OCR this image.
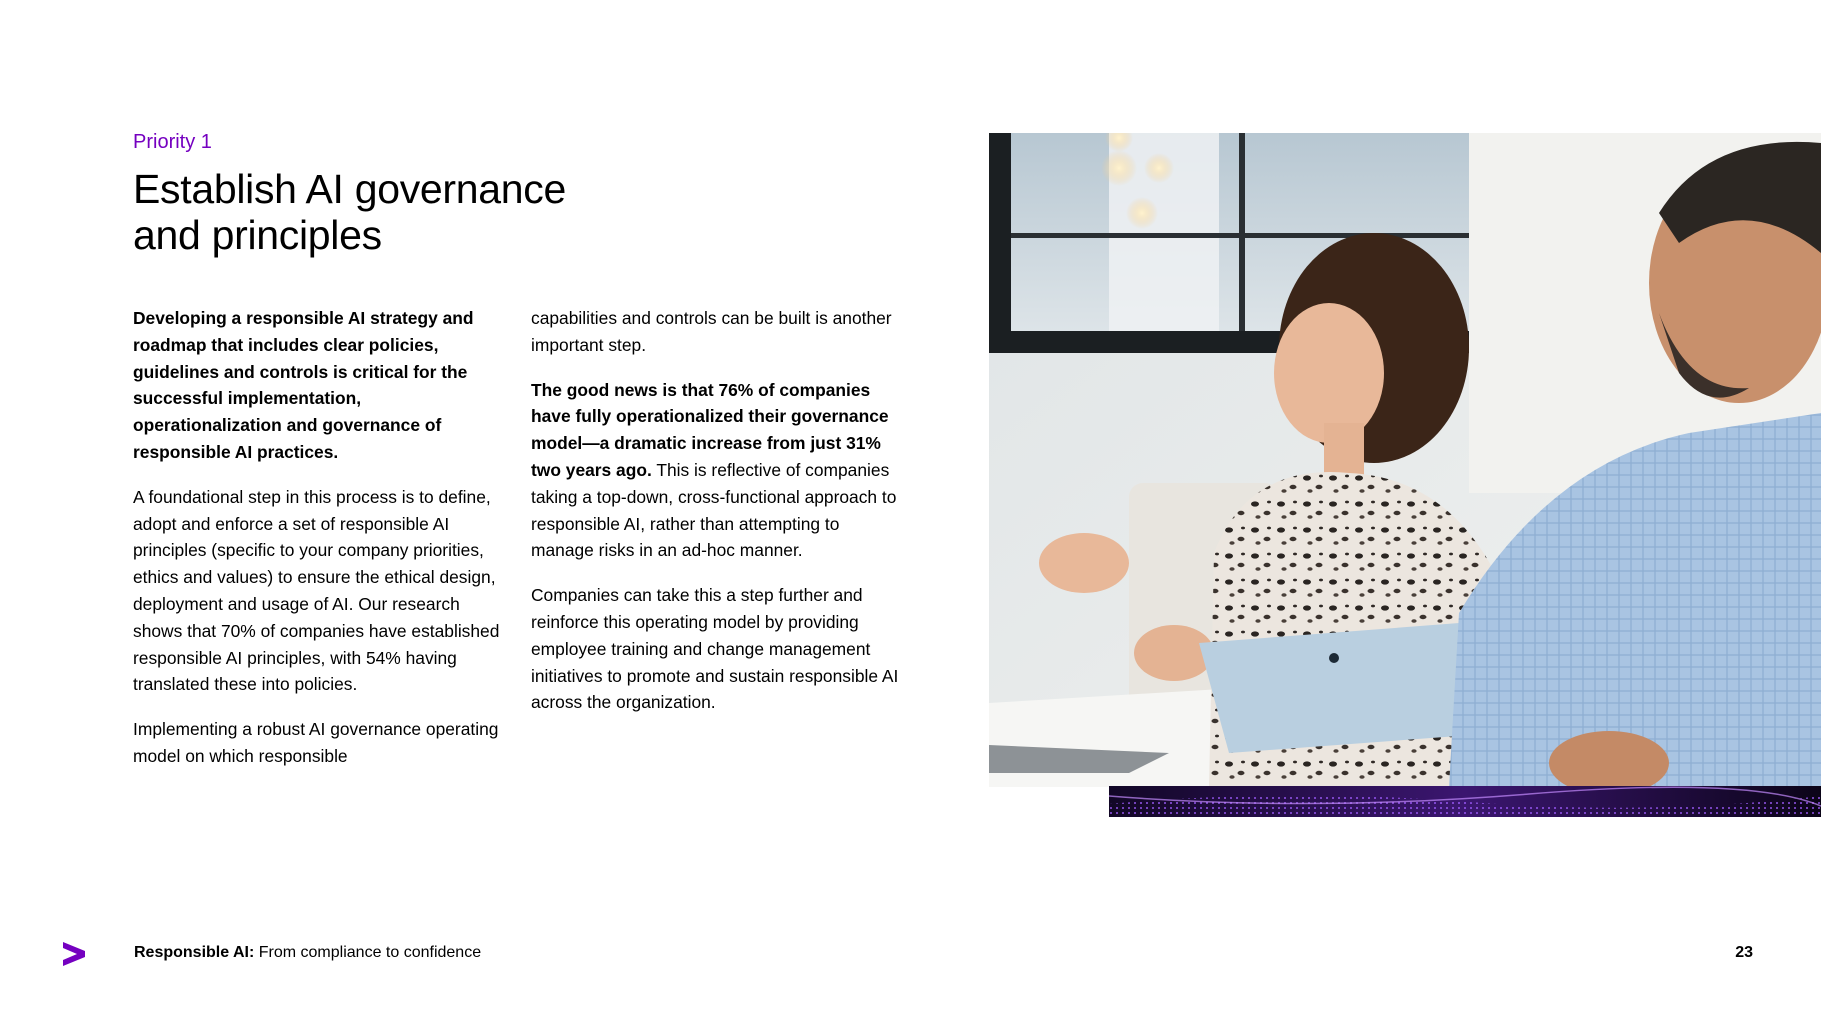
Priority 1
Establish AI governance
and principles

Developing a responsible AI strategy and roadmap that includes clear policies, guidelines and controls is critical for the successful implementation, operationalization and governance of responsible AI practices.

A foundational step in this process is to define, adopt and enforce a set of responsible AI principles (specific to your company priorities, ethics and values) to ensure the ethical design, deployment and usage of AI. Our research shows that 70% of companies have established responsible AI principles, with 54% having translated these into policies.

Implementing a robust AI governance operating model on which responsible

capabilities and controls can be built is another important step.

The good news is that 76% of companies have fully operationalized their governance model—a dramatic increase from just 31% two years ago. This is reflective of companies taking a top-down, cross-functional approach to responsible AI, rather than attempting to manage risks in an ad-hoc manner.

Companies can take this a step further and reinforce this operating model by providing employee training and change management initiatives to promote and sustain responsible AI across the organization.

Responsible AI: From compliance to confidence	23
